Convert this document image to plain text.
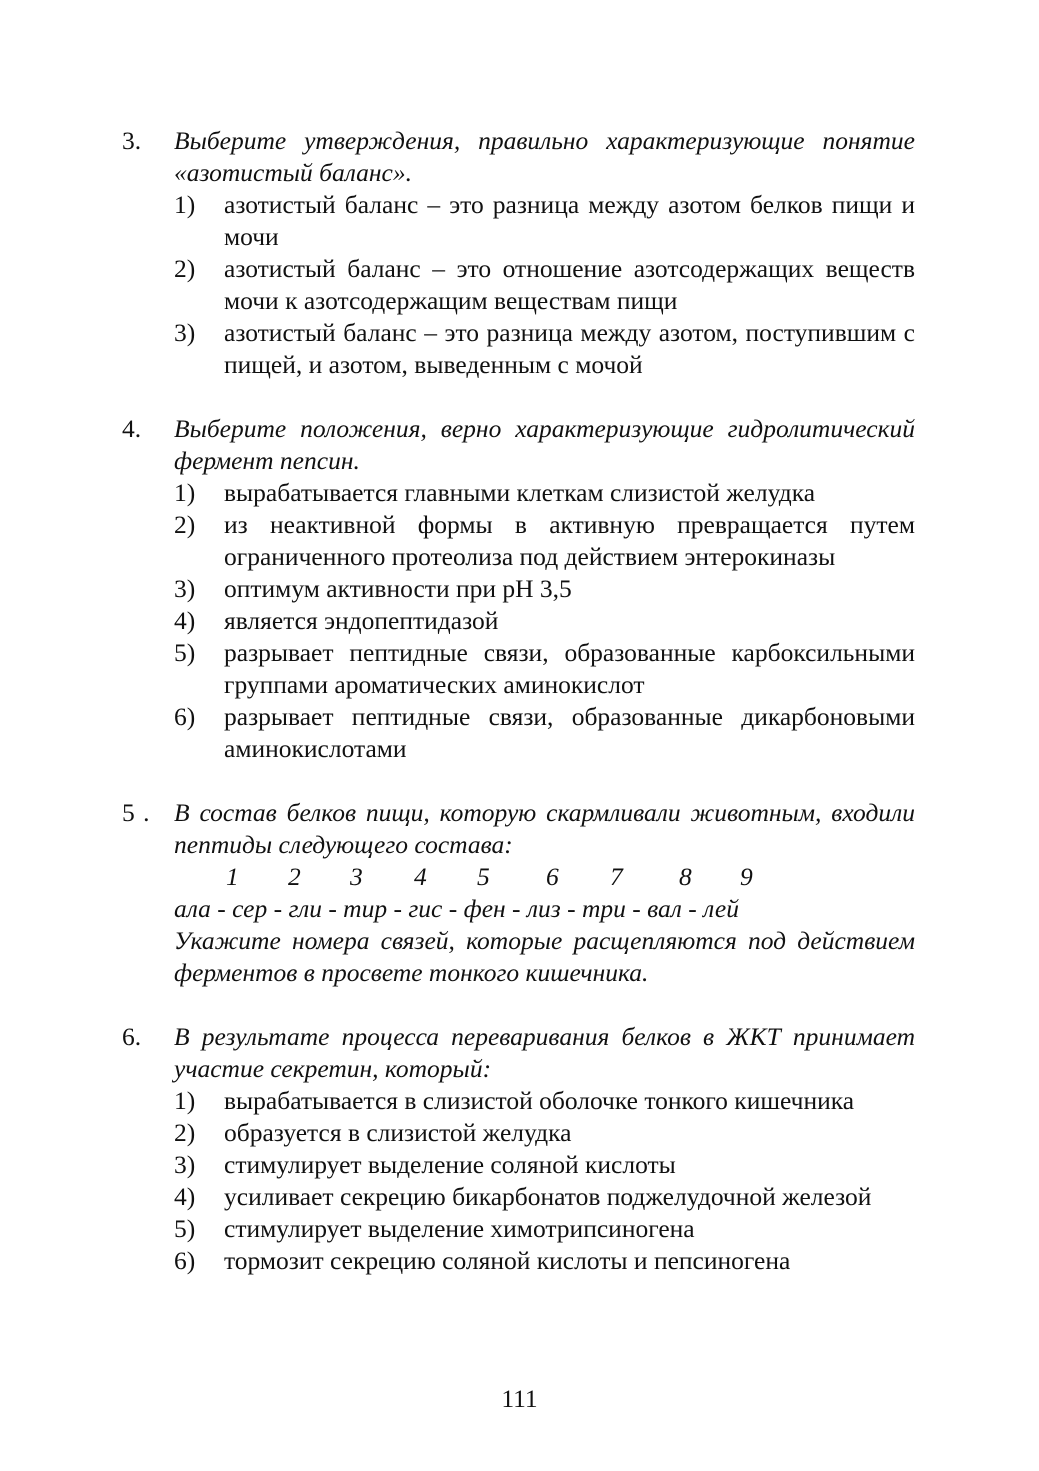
3. Выберите утверждения, правильно характеризующие понятие «азотистый баланс».
1) азотистый баланс – это разница между азотом белков пищи и мочи
2) азотистый баланс – это отношение азотсодержащих веществ мочи к азотсодержащим веществам пищи
3) азотистый баланс – это разница между азотом, поступившим с пищей, и азотом, выведенным с мочой
4. Выберите положения, верно характеризующие гидролитический фермент пепсин.
1) вырабатывается главными клеткам слизистой желудка
2) из неактивной формы в активную превращается путем ограниченного протеолиза под действием энтерокиназы
3) оптимум активности при pH 3,5
4) является эндопептидазой
5) разрывает пептидные связи, образованные карбоксильными группами ароматических аминокислот
6) разрывает пептидные связи, образованные дикарбоновыми аминокислотами
5 . В состав белков пищи, которую скармливали животным, входили пептиды следующего состава:
1 2 3 4 5 6 7 8 9
ала - сер - гли - тир - гис - фен - лиз - три - вал - лей
Укажите номера связей, которые расщепляются под действием ферментов в просвете тонкого кишечника.
6. В результате процесса переваривания белков в ЖКТ принимает участие секретин, который:
1) вырабатывается в слизистой оболочке тонкого кишечника
2) образуется в слизистой желудка
3) стимулирует выделение соляной кислоты
4) усиливает секрецию бикарбонатов поджелудочной железой
5) стимулирует выделение химотрипсиногена
6) тормозит секрецию соляной кислоты и пепсиногена
111
